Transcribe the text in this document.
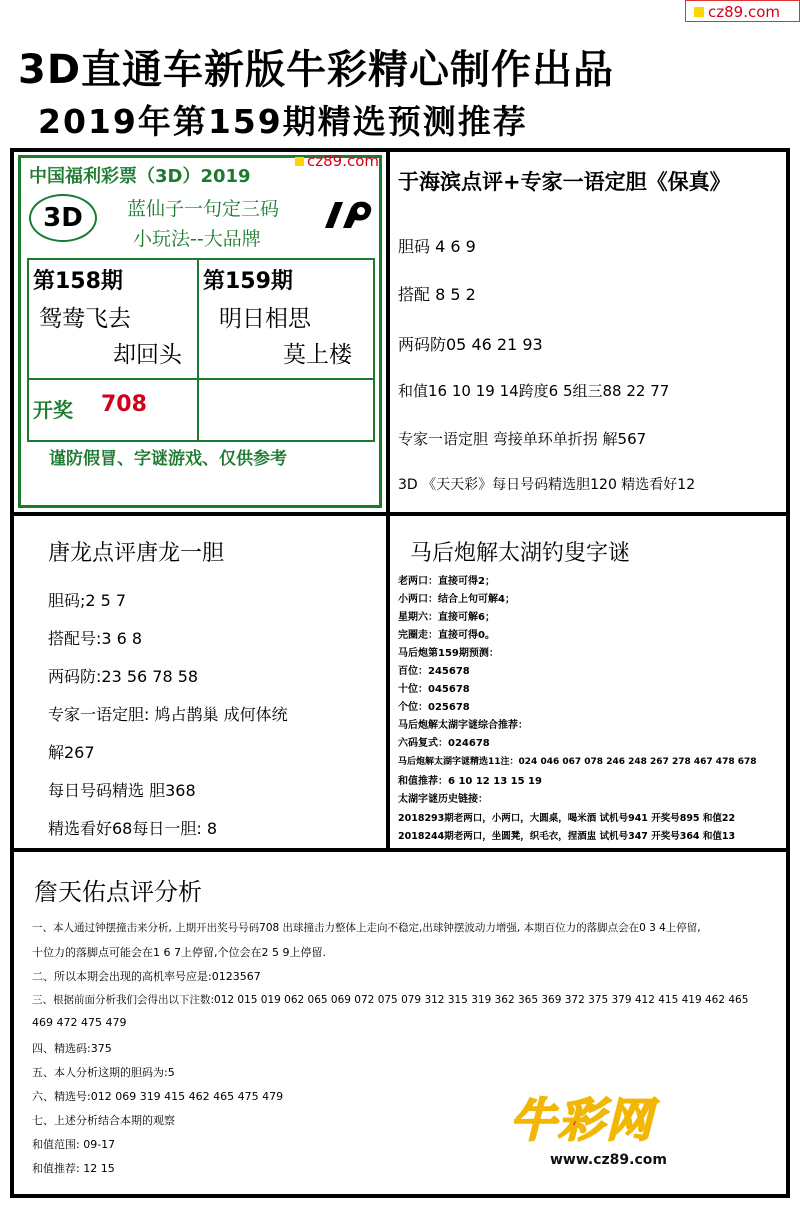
cz89.com
3D直通车新版牛彩精心制作出品
2019年第159期精选预测推荐
中国福利彩票（3D）2019
cz89.com
3D	蓝仙子一句定三码
小玩法--大品牌
第158期
鸳鸯飞去
却回头
第159期
明日相思
莫上楼
开奖 708
谨防假冒、字谜游戏、仅供参考
于海滨点评+专家一语定胆《保真》
胆码 4 6 9
搭配 8 5 2
两码防05 46 21 93
和值16 10 19 14跨度6 5组三88 22 77
专家一语定胆 弯接单环单折拐 解567
3D 《天天彩》每日号码精选胆120 精选看好12
唐龙点评唐龙一胆
胆码;2 5 7
搭配号:3 6 8
两码防:23 56 78 58
专家一语定胆: 鸠占鹊巢 成何体统
解267
每日号码精选 胆368
精选看好68每日一胆: 8
马后炮解太湖钓叟字谜
老两口：直接可得2；
小两口：结合上句可解4；
星期六：直接可解6；
完圈走：直接可得0。
马后炮第159期预测：
百位：245678
十位：045678
个位：025678
马后炮解太湖字谜综合推荐：
六码复式：024678
马后炮解太湖字谜精选11注：024 046 067 078 246 248 267 278 467 478 678
和值推荐：6 10 12 13 15 19
太湖字谜历史链接：
2018293期老两口，小两口，大圆桌，喝米酒 试机号941 开奖号895 和值22
2018244期老两口，坐圆凳，织毛衣，捏酒盅 试机号347 开奖号364 和值13
詹天佑点评分析
一、本人通过钟摆撞击来分析, 上期开出奖号号码708 出球撞击力整体上走向不稳定,出球钟摆波动力增强, 本期百位力的落脚点会在0 3 4上停留,
十位力的落脚点可能会在1 6 7上停留,个位会在2 5 9上停留.
二、所以本期会出现的高机率号应是:0123567
三、根据前面分析我们会得出以下注数:012 015 019 062 065 069 072 075 079 312 315 319 362 365 369 372 375 379 412 415 419 462 465
469 472 475 479
四、精选码:375
五、本人分析这期的胆码为:5
六、精选号:012 069 319 415 462 465 475 479
七、上述分析结合本期的观察
和值范围: 09-17
和值推荐: 12 15
牛彩网
www.cz89.com
